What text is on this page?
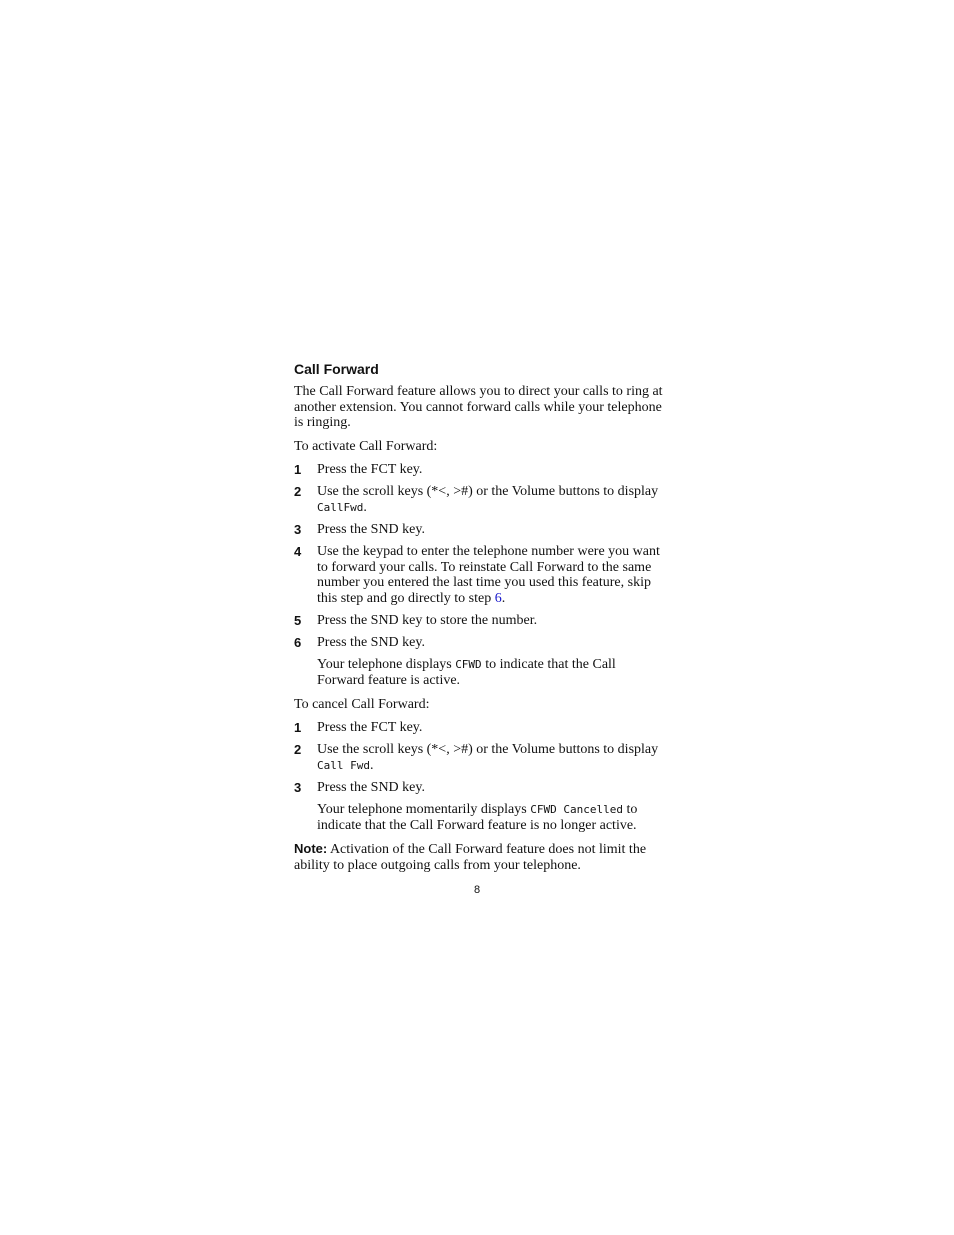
Call Forward

The Call Forward feature allows you to direct your calls to ring at another extension. You cannot forward calls while your telephone is ringing.

To activate Call Forward:

1 Press the FCT key.
2 Use the scroll keys (*<, >#) or the Volume buttons to display CallFwd.
3 Press the SND key.
4 Use the keypad to enter the telephone number were you want to forward your calls. To reinstate Call Forward to the same number you entered the last time you used this feature, skip this step and go directly to step 6.
5 Press the SND key to store the number.
6 Press the SND key.

Your telephone displays CFWD to indicate that the Call Forward feature is active.

To cancel Call Forward:

1 Press the FCT key.
2 Use the scroll keys (*<, >#) or the Volume buttons to display Call Fwd.
3 Press the SND key.

Your telephone momentarily displays CFWD Cancelled to indicate that the Call Forward feature is no longer active.

Note: Activation of the Call Forward feature does not limit the ability to place outgoing calls from your telephone.

8
